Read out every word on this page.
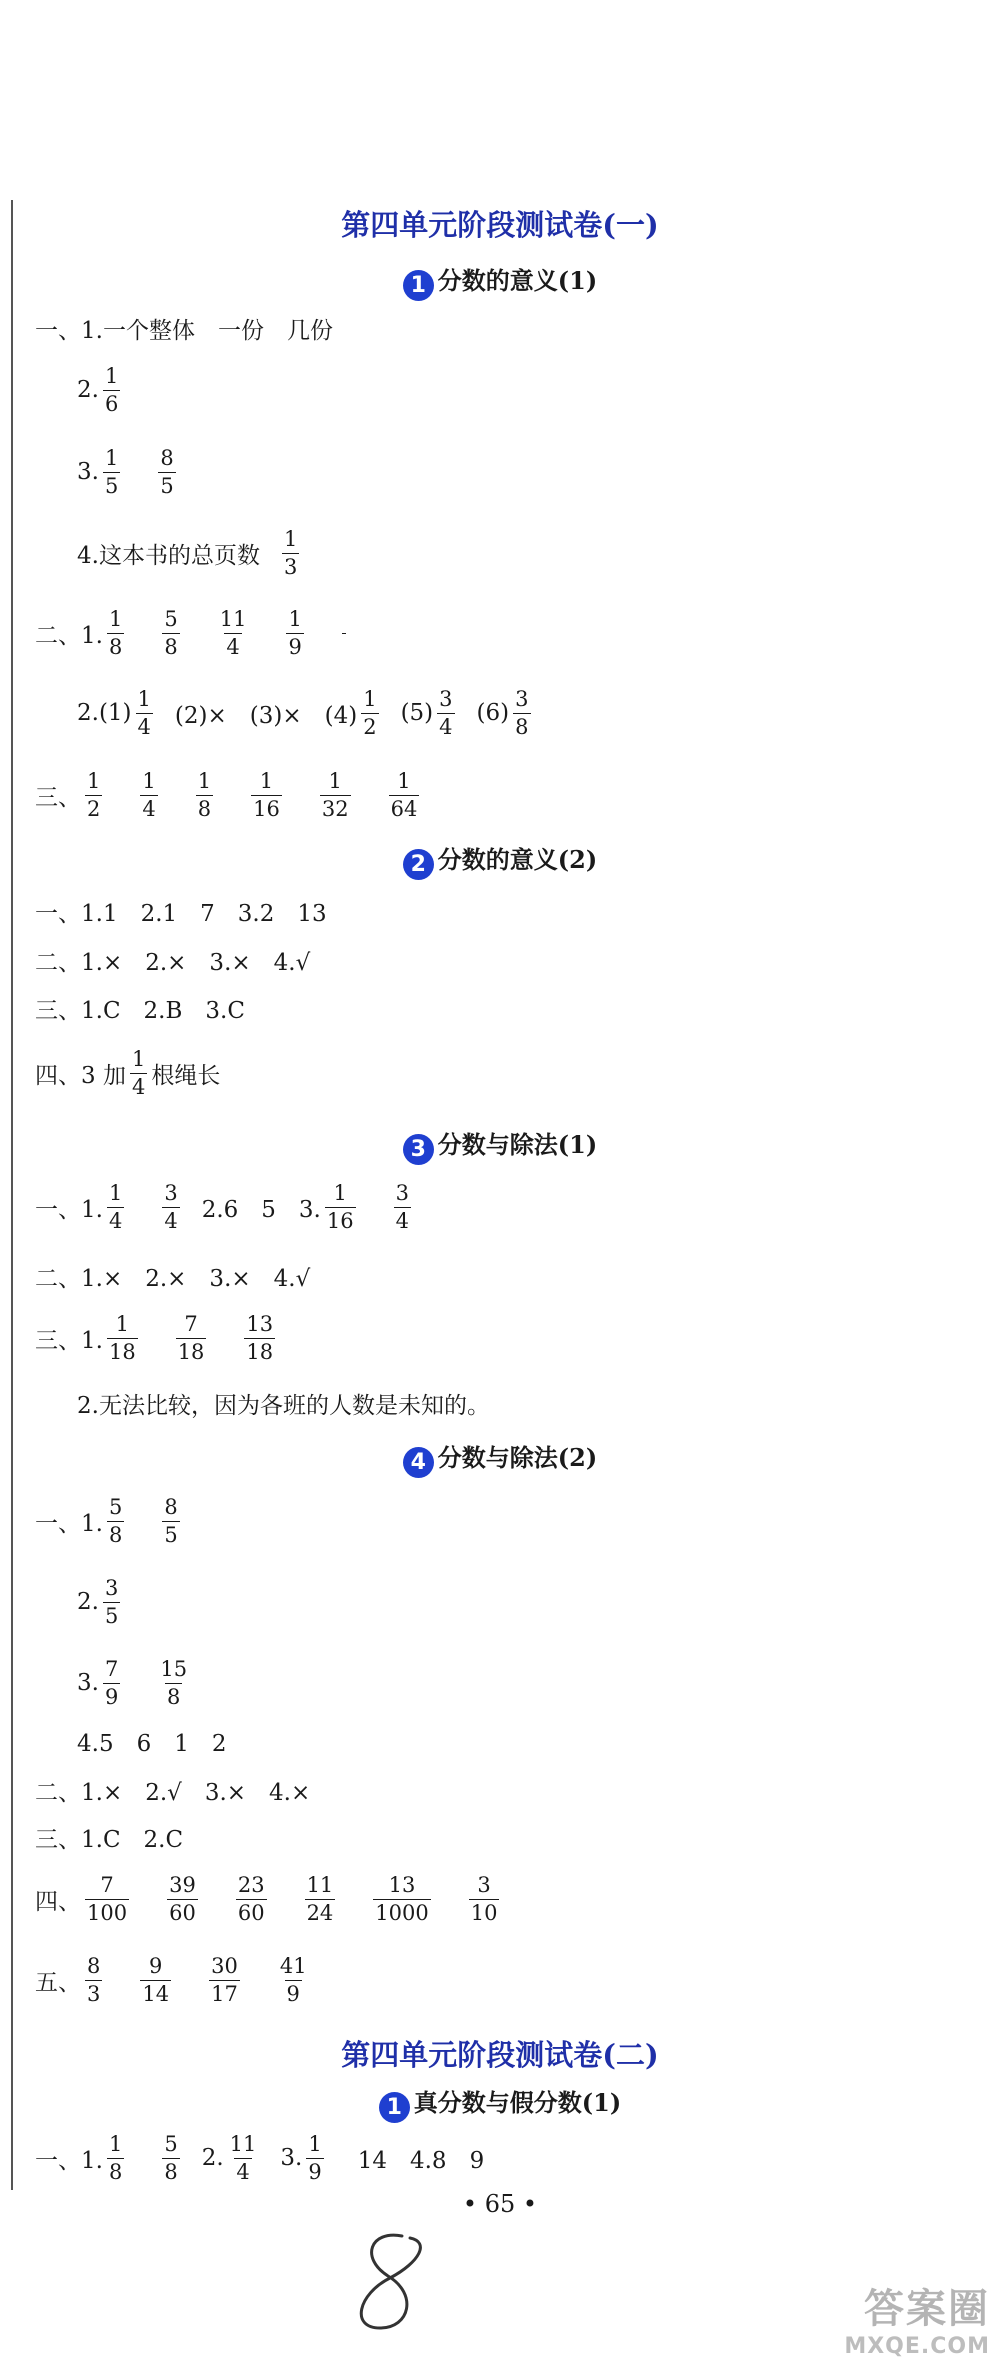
第四单元阶段测试卷(一)
1 分数的意义(1)
一、1.一个整体　一份　几份
2. $\frac{1}{6}$
3. $\frac{1}{5} \frac{8}{5}$
4.这本书的总页数 $\frac{1}{3}$
二、1. $\frac{1}{8} \frac{5}{8} \frac{11}{4} \frac{1}{9}$
$2.(1) \frac{1}{4} (2)\times$　(3)×　$(4) \frac{1}{2} (5) \frac{3}{4} (6) \frac{3}{8}$
三、 $\frac{1}{2} \frac{1}{4} \frac{1}{8} \frac{1}{16} \frac{1}{32} \frac{1}{64}$
2 分数的意义(2)
一、1.1　2.1　7　3.2　13
二、1.×　2.×　3.×　4.√
三、1.C　2.B　3.C
四、3 加 $\frac{1}{4}$ 根绳长
3 分数与除法(1)
一、1. $\frac{1}{4} \frac{3}{4} 2.6$　5　3. $\frac{1}{16} \frac{3}{4}$
二、1.×　2.×　3.×　4.√
三、1. $\frac{1}{18} \frac{7}{18} \frac{13}{18}$
2.无法比较，因为各班的人数是未知的。
4 分数与除法(2)
一、1. $\frac{5}{8} \frac{8}{5}$
2. $\frac{3}{5}$
3. $\frac{7}{9} \frac{15}{8}$
4.5　6　1　2
二、1.×　2.√　3.×　4.×
三、1.C　2.C
四、 $\frac{7}{100} \frac{39}{60} \frac{23}{60} \frac{11}{24} \frac{13}{1000} \frac{3}{10}$
五、 $\frac{8}{3} \frac{9}{14} \frac{30}{17} \frac{41}{9}$
第四单元阶段测试卷(二)
1 真分数与假分数(1)
一、1. $\frac{1}{8} \frac{5}{8} 2$. $\frac{11}{4} 3$. $\frac{1}{9} 14$　4.8　9
• 65 •
答案圈
MXQE.COM
